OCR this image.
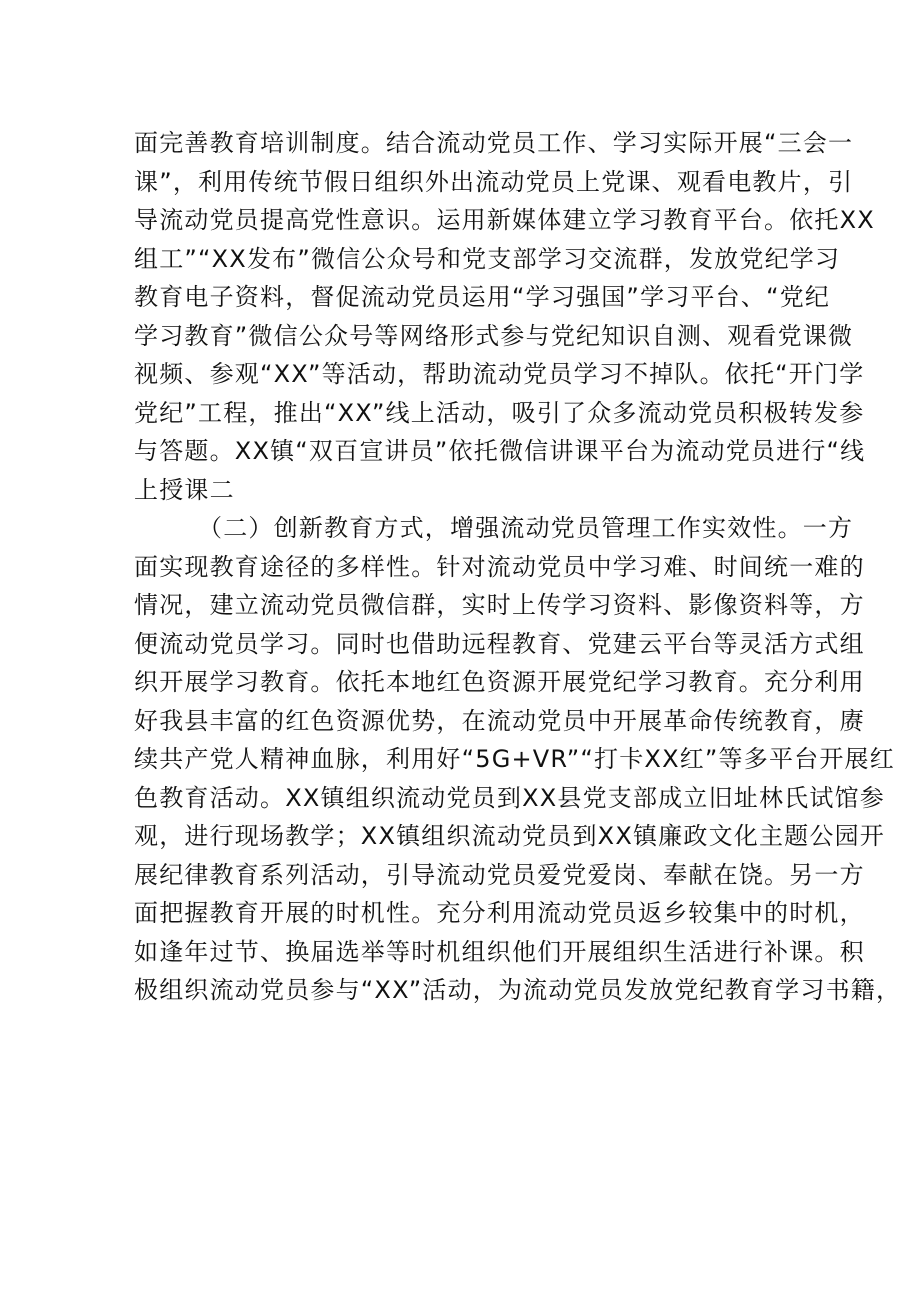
面完善教育培训制度。结合流动党员工作、学习实际开展“三会一
课”，利用传统节假日组织外出流动党员上党课、观看电教片，引
导流动党员提高党性意识。运用新媒体建立学习教育平台。依托XX
组工”“XX发布”微信公众号和党支部学习交流群，发放党纪学习
教育电子资料，督促流动党员运用“学习强国”学习平台、“党纪
学习教育”微信公众号等网络形式参与党纪知识自测、观看党课微
视频、参观“XX”等活动，帮助流动党员学习不掉队。依托“开门学
党纪”工程，推出“XX”线上活动，吸引了众多流动党员积极转发参
与答题。XX镇“双百宣讲员”依托微信讲课平台为流动党员进行“线
上授课二
（二）创新教育方式，增强流动党员管理工作实效性。一方
面实现教育途径的多样性。针对流动党员中学习难、时间统一难的
情况，建立流动党员微信群，实时上传学习资料、影像资料等，方
便流动党员学习。同时也借助远程教育、党建云平台等灵活方式组
织开展学习教育。依托本地红色资源开展党纪学习教育。充分利用
好我县丰富的红色资源优势，在流动党员中开展革命传统教育，赓
续共产党人精神血脉，利用好“5G+VR”“打卡XX红”等多平台开展红
色教育活动。XX镇组织流动党员到XX县党支部成立旧址林氏试馆参
观，进行现场教学；XX镇组织流动党员到XX镇廉政文化主题公园开
展纪律教育系列活动，引导流动党员爱党爱岗、奉献在饶。另一方
面把握教育开展的时机性。充分利用流动党员返乡较集中的时机，
如逢年过节、换届选举等时机组织他们开展组织生活进行补课。积
极组织流动党员参与“XX”活动，为流动党员发放党纪教育学习书籍，
